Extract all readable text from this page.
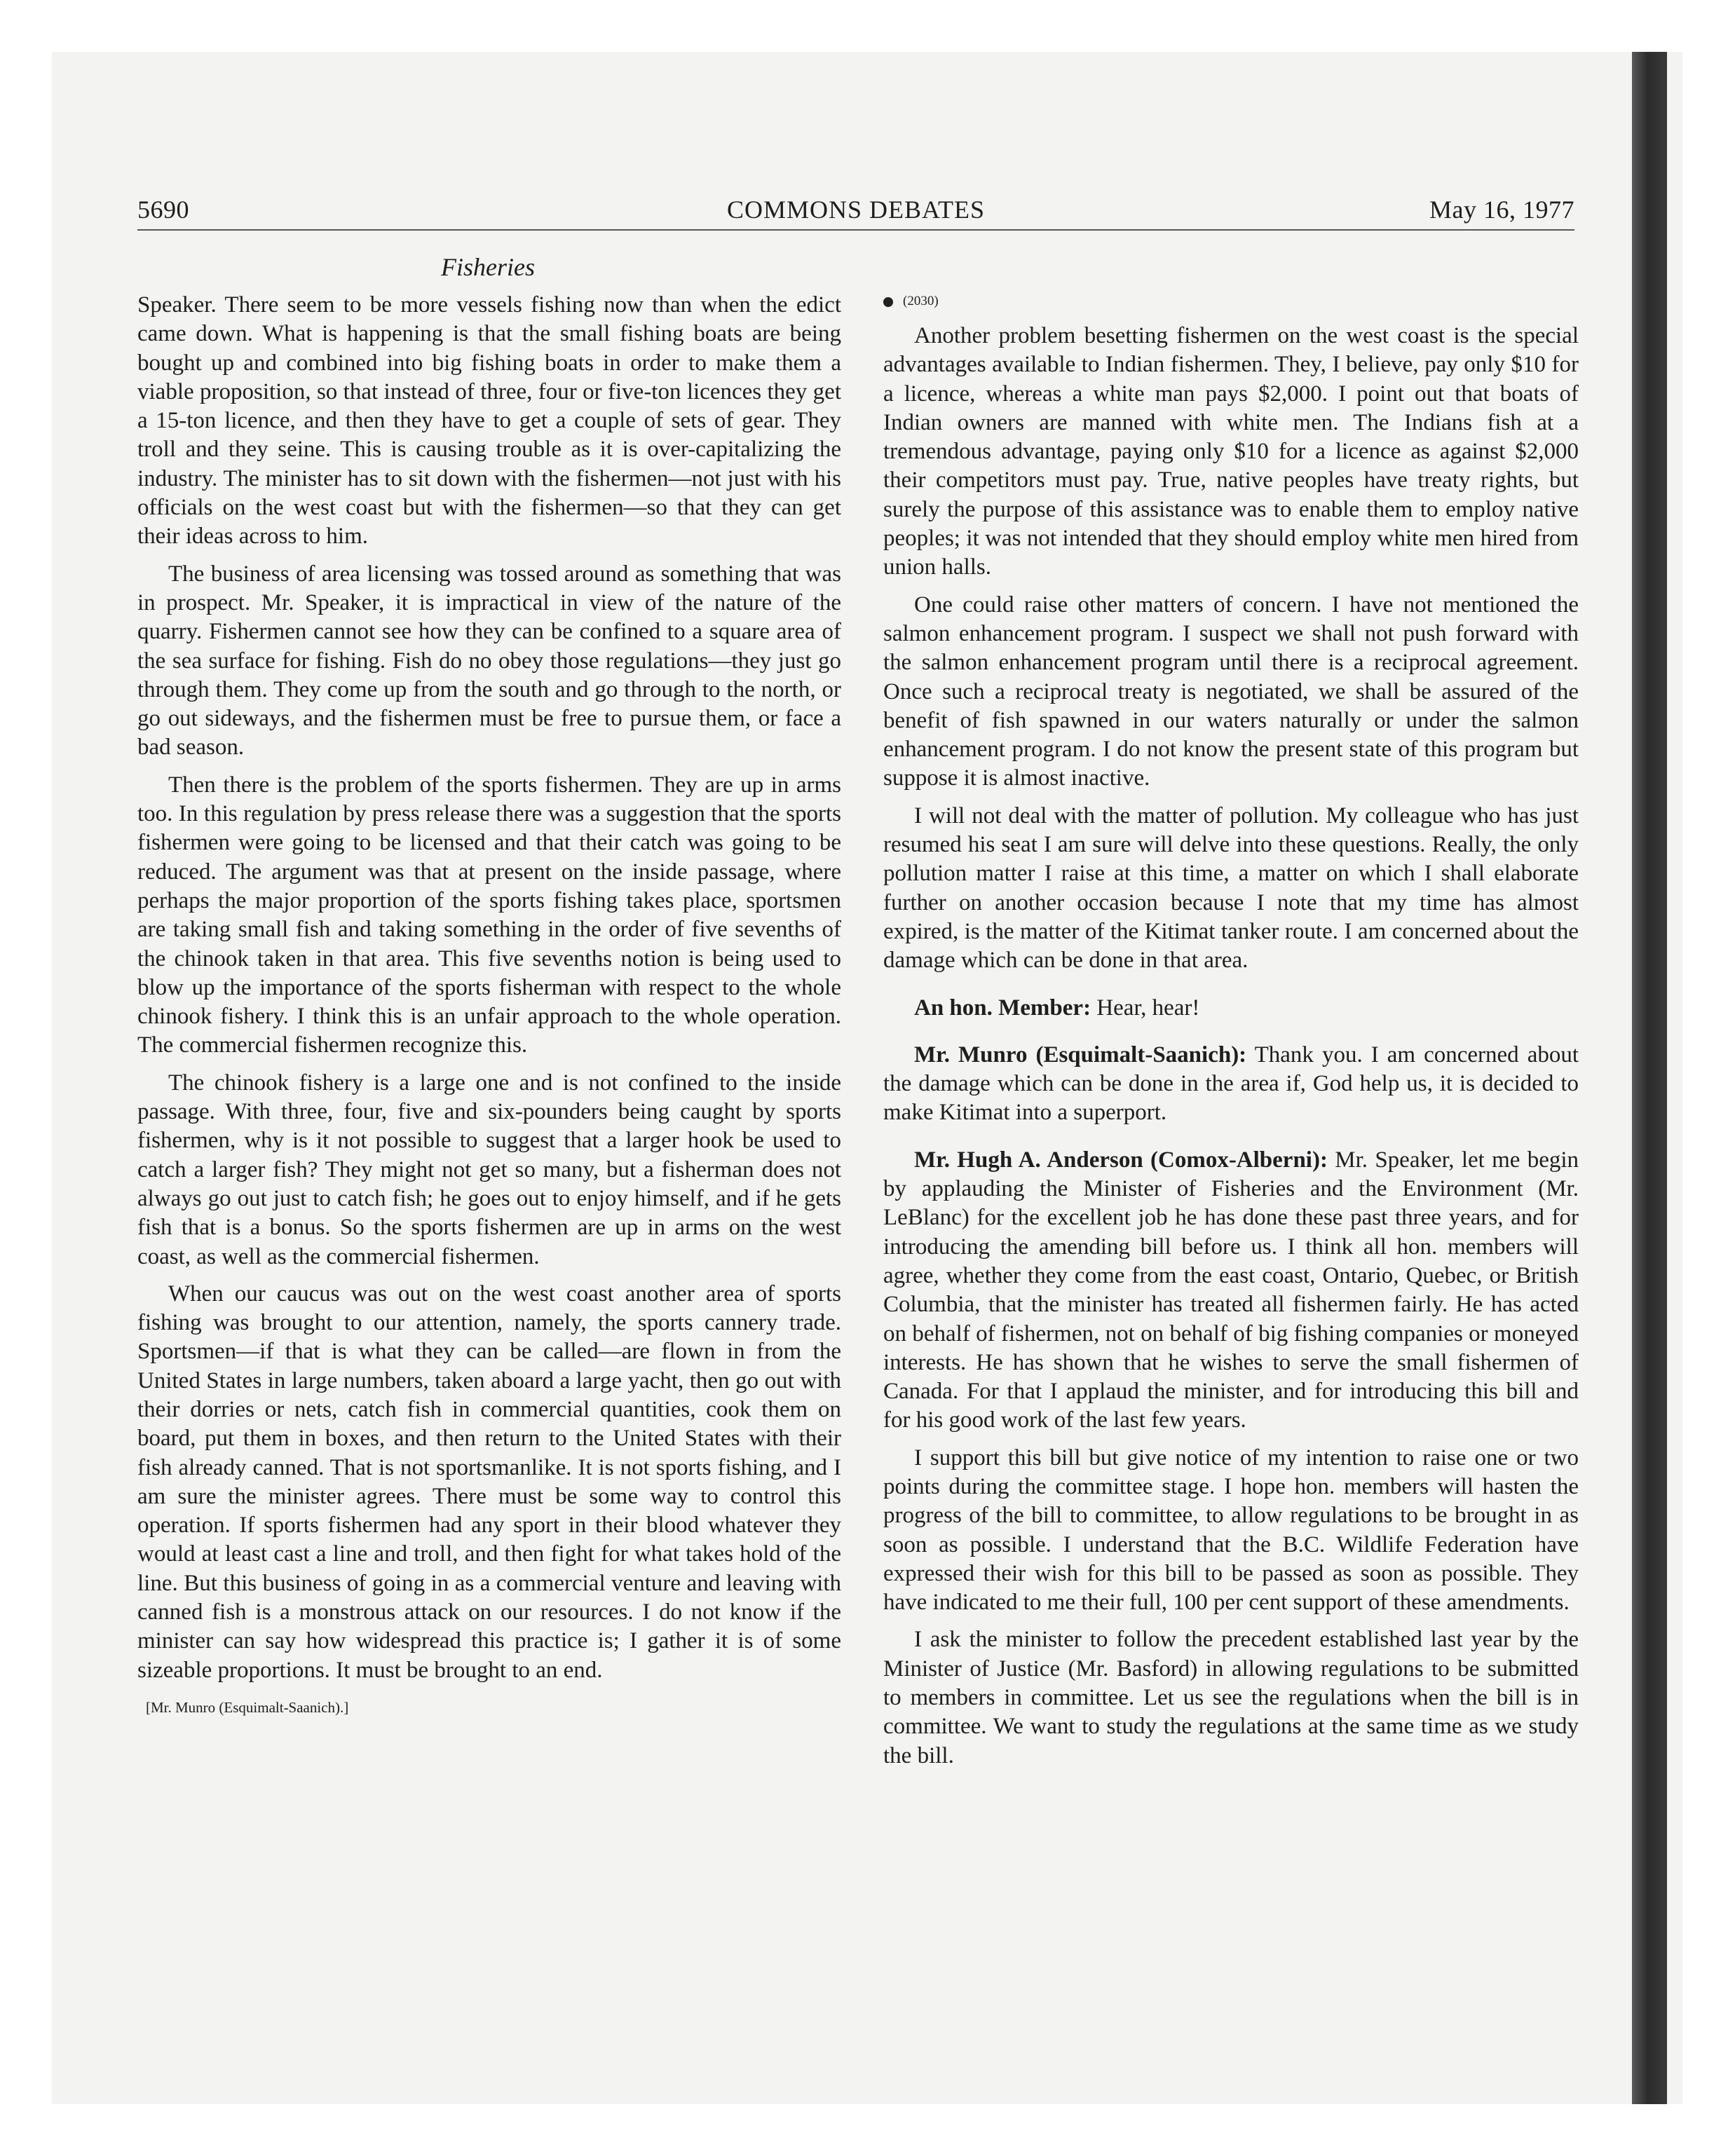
5690	COMMONS DEBATES	May 16, 1977
Fisheries

Speaker. There seem to be more vessels fishing now than when the edict came down. What is happening is that the small fishing boats are being bought up and combined into big fishing boats in order to make them a viable proposition, so that instead of three, four or five-ton licences they get a 15-ton licence, and then they have to get a couple of sets of gear. They troll and they seine. This is causing trouble as it is over-capitalizing the industry. The minister has to sit down with the fishermen—not just with his officials on the west coast but with the fishermen—so that they can get their ideas across to him.

The business of area licensing was tossed around as something that was in prospect. Mr. Speaker, it is impractical in view of the nature of the quarry. Fishermen cannot see how they can be confined to a square area of the sea surface for fishing. Fish do no obey those regulations—they just go through them. They come up from the south and go through to the north, or go out sideways, and the fishermen must be free to pursue them, or face a bad season.

Then there is the problem of the sports fishermen. They are up in arms too. In this regulation by press release there was a suggestion that the sports fishermen were going to be licensed and that their catch was going to be reduced. The argument was that at present on the inside passage, where perhaps the major proportion of the sports fishing takes place, sportsmen are taking small fish and taking something in the order of five sevenths of the chinook taken in that area. This five sevenths notion is being used to blow up the importance of the sports fisherman with respect to the whole chinook fishery. I think this is an unfair approach to the whole operation. The commercial fishermen recognize this.

The chinook fishery is a large one and is not confined to the inside passage. With three, four, five and six-pounders being caught by sports fishermen, why is it not possible to suggest that a larger hook be used to catch a larger fish? They might not get so many, but a fisherman does not always go out just to catch fish; he goes out to enjoy himself, and if he gets fish that is a bonus. So the sports fishermen are up in arms on the west coast, as well as the commercial fishermen.

When our caucus was out on the west coast another area of sports fishing was brought to our attention, namely, the sports cannery trade. Sportsmen—if that is what they can be called—are flown in from the United States in large numbers, taken aboard a large yacht, then go out with their dorries or nets, catch fish in commercial quantities, cook them on board, put them in boxes, and then return to the United States with their fish already canned. That is not sportsmanlike. It is not sports fishing, and I am sure the minister agrees. There must be some way to control this operation. If sports fishermen had any sport in their blood whatever they would at least cast a line and troll, and then fight for what takes hold of the line. But this business of going in as a commercial venture and leaving with canned fish is a monstrous attack on our resources. I do not know if the minister can say how widespread this practice is; I gather it is of some sizeable proportions. It must be brought to an end.

[Mr. Munro (Esquimalt-Saanich).]
(2030)

Another problem besetting fishermen on the west coast is the special advantages available to Indian fishermen. They, I believe, pay only $10 for a licence, whereas a white man pays $2,000. I point out that boats of Indian owners are manned with white men. The Indians fish at a tremendous advantage, paying only $10 for a licence as against $2,000 their competitors must pay. True, native peoples have treaty rights, but surely the purpose of this assistance was to enable them to employ native peoples; it was not intended that they should employ white men hired from union halls.

One could raise other matters of concern. I have not mentioned the salmon enhancement program. I suspect we shall not push forward with the salmon enhancement program until there is a reciprocal agreement. Once such a reciprocal treaty is negotiated, we shall be assured of the benefit of fish spawned in our waters naturally or under the salmon enhancement program. I do not know the present state of this program but suppose it is almost inactive.

I will not deal with the matter of pollution. My colleague who has just resumed his seat I am sure will delve into these questions. Really, the only pollution matter I raise at this time, a matter on which I shall elaborate further on another occasion because I note that my time has almost expired, is the matter of the Kitimat tanker route. I am concerned about the damage which can be done in that area.

An hon. Member: Hear, hear!

Mr. Munro (Esquimalt-Saanich): Thank you. I am concerned about the damage which can be done in the area if, God help us, it is decided to make Kitimat into a superport.

Mr. Hugh A. Anderson (Comox-Alberni): Mr. Speaker, let me begin by applauding the Minister of Fisheries and the Environment (Mr. LeBlanc) for the excellent job he has done these past three years, and for introducing the amending bill before us. I think all hon. members will agree, whether they come from the east coast, Ontario, Quebec, or British Columbia, that the minister has treated all fishermen fairly. He has acted on behalf of fishermen, not on behalf of big fishing companies or moneyed interests. He has shown that he wishes to serve the small fishermen of Canada. For that I applaud the minister, and for introducing this bill and for his good work of the last few years.

I support this bill but give notice of my intention to raise one or two points during the committee stage. I hope hon. members will hasten the progress of the bill to committee, to allow regulations to be brought in as soon as possible. I understand that the B.C. Wildlife Federation have expressed their wish for this bill to be passed as soon as possible. They have indicated to me their full, 100 per cent support of these amendments.

I ask the minister to follow the precedent established last year by the Minister of Justice (Mr. Basford) in allowing regulations to be submitted to members in committee. Let us see the regulations when the bill is in committee. We want to study the regulations at the same time as we study the bill.
